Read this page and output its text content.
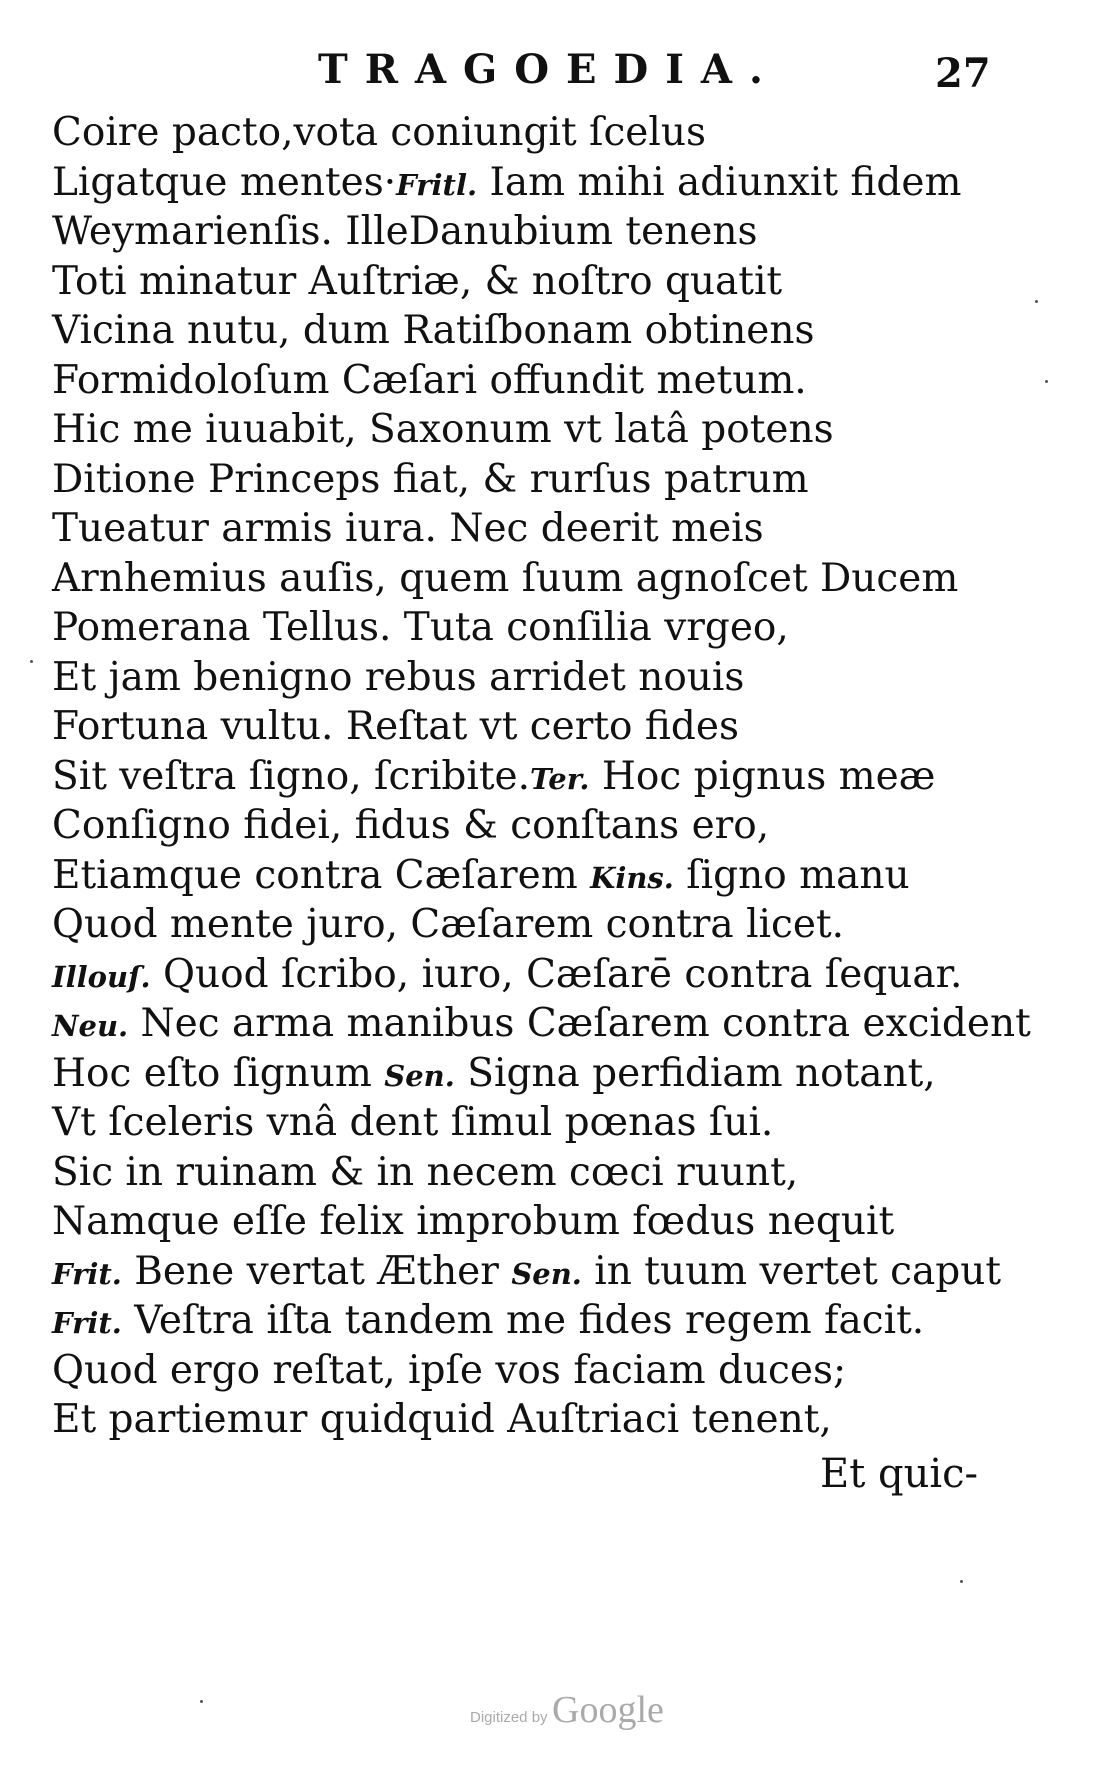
TRAGOEDIA.	27
Coire pacto,vota coniungit ſcelus
Ligatque mentes·Fritl. Iam mihi adiunxit fidem
Weymarienſis. IlleDanubium tenens
Toti minatur Auſtriæ, & noſtro quatit
Vicina nutu, dum Ratiſbonam obtinens
Formidoloſum Cæſari offundit metum.
Hic me iuuabit, Saxonum vt latâ potens
Ditione Princeps fiat, & rurſus patrum
Tueatur armis iura. Nec deerit meis
Arnhemius auſis, quem ſuum agnoſcet Ducem
Pomerana Tellus. Tuta conſilia vrgeo,
Et jam benigno rebus arridet nouis
Fortuna vultu. Reſtat vt certo fides
Sit veſtra ſigno, ſcribite.Ter. Hoc pignus meæ
Conſigno fidei, fidus & conſtans ero,
Etiamque contra Cæſarem Kins. ſigno manu
Quod mente juro, Cæſarem contra licet.
Illouſ. Quod ſcribo, iuro, Cæſarē contra ſequar.
Neu. Nec arma manibus Cæſarem contra excident
Hoc eſto ſignum Sen. Signa perfidiam notant,
Vt ſceleris vnâ dent ſimul pœnas ſui.
Sic in ruinam & in necem cœci ruunt,
Namque eſſe felix improbum fœdus nequit
Frit. Bene vertat Æther Sen. in tuum vertet caput
Frit. Veſtra iſta tandem me fides regem facit.
Quod ergo reſtat, ipſe vos faciam duces;
Et partiemur quidquid Auſtriaci tenent,
Et quic-
Digitized by Google
